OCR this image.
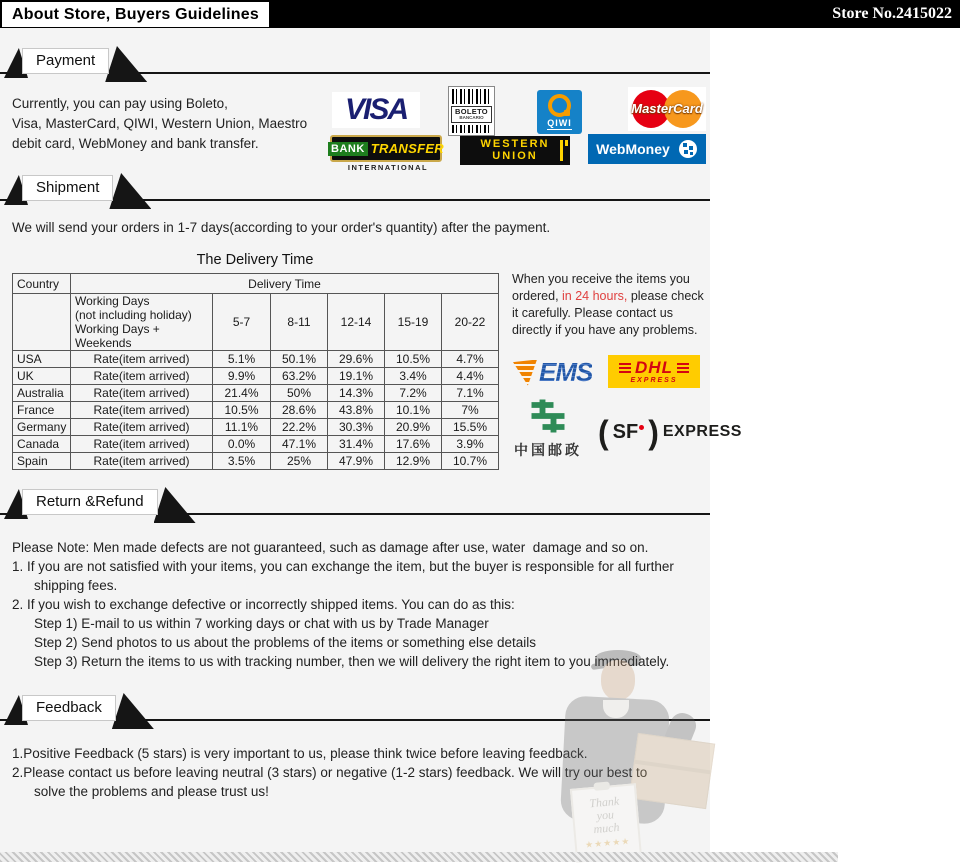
About Store, Buyers Guidelines	Store No.2415022
Payment
Currently, you can pay using Boleto,
Visa, MasterCard, QIWI, Western Union, Maestro
debit card, WebMoney and bank transfer.
VISA	BOLETO
BANCARIO
QIWI
MasterCard
BANK TRANSFER
INTERNATIONAL
WESTERN
UNION	WebMoney
Shipment
We will send your orders in 1-7 days(according to your order's quantity) after the payment.
The Delivery Time
Country	Delivery Time					

	Working Days
(not including holiday)
Working Days + Weekends	5-7	8-11	12-14	15-19	20-22
USA	Rate(item arrived)	5.1%	50.1%	29.6%	10.5%	4.7%
UK	Rate(item arrived)	9.9%	63.2%	19.1%	3.4%	4.4%
Australia	Rate(item arrived)	21.4%	50%	14.3%	7.2%	7.1%
France	Rate(item arrived)	10.5%	28.6%	43.8%	10.1%	7%
Germany	Rate(item arrived)	11.1%	22.2%	30.3%	20.9%	15.5%
Canada	Rate(item arrived)	0.0%	47.1%	31.4%	17.6%	3.9%
Spain	Rate(item arrived)	3.5%	25%	47.9%	12.9%	10.7%
When you receive the items you ordered, in 24 hours, please check it carefully. Please contact us directly if you have any problems.
EMS	DHL
EXPRESS
中国邮政
( SF ) EXPRESS
Return &Refund
Please Note: Men made defects are not guaranteed, such as damage after use, water  damage and so on.
1. If you are not satisfied with your items, you can exchange the item, but the buyer is responsible for all further
shipping fees.
2. If you wish to exchange defective or incorrectly shipped items. You can do as this:
Step 1) E-mail to us within 7 working days or chat with us by Trade Manager
Step 2) Send photos to us about the problems of the items or something else details
Step 3) Return the items to us with tracking number, then we will delivery the right item to you immediately.
Feedback
1.Positive Feedback (5 stars) is very important to us, please think twice before leaving feedback.
2.Please contact us before leaving neutral (3 stars) or negative (1-2 stars) feedback. We will try our best to
solve the problems and please trust us!
Thank
you
much
★★★★★
